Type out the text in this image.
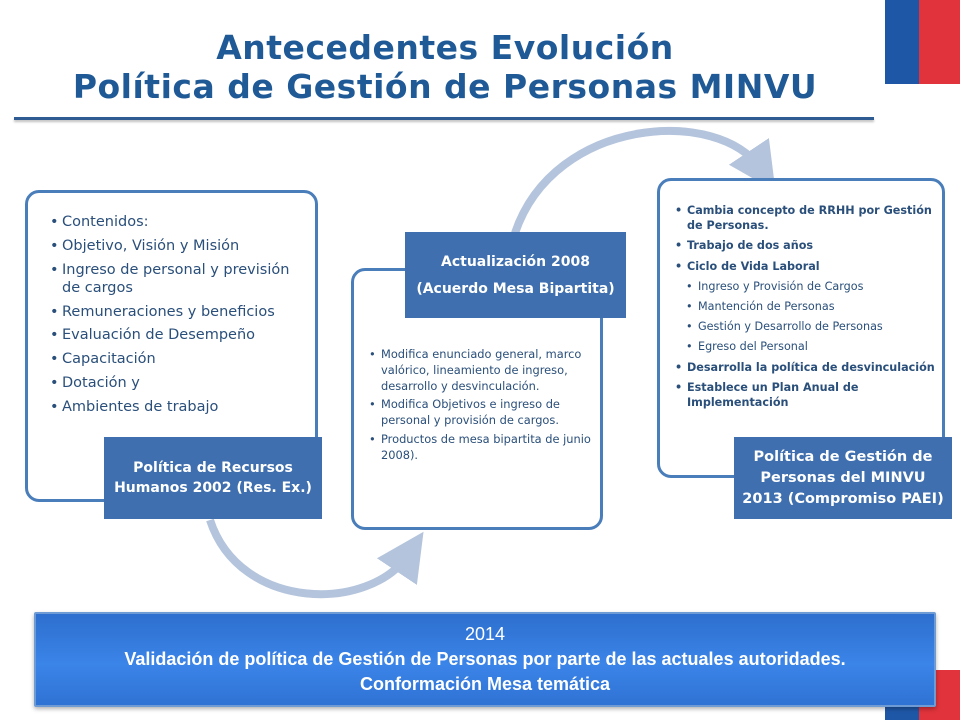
Antecedentes Evolución
Política de Gestión de Personas MINVU
• Contenidos:
• Objetivo, Visión y Misión
• Ingreso de personal y previsión de cargos
• Remuneraciones y beneficios
• Evaluación de Desempeño
• Capacitación
• Dotación y
• Ambientes de trabajo
Política de Recursos Humanos 2002 (Res. Ex.)
• Modifica enunciado general, marco valórico, lineamiento de ingreso, desarrollo y desvinculación.
• Modifica Objetivos e ingreso de personal y provisión de cargos.
• Productos de mesa bipartita de junio 2008).
Actualización 2008
(Acuerdo Mesa Bipartita)
• Cambia concepto de RRHH por Gestión de Personas.
• Trabajo de dos años
• Ciclo de Vida Laboral
• Ingreso y Provisión de Cargos
• Mantención de Personas
• Gestión y Desarrollo de Personas
• Egreso del Personal
• Desarrolla la política de desvinculación
• Establece un Plan Anual de Implementación
Política de Gestión de Personas del MINVU 2013 (Compromiso PAEI)
2014
Validación de política de Gestión de Personas por parte de las actuales autoridades.
Conformación Mesa temática
